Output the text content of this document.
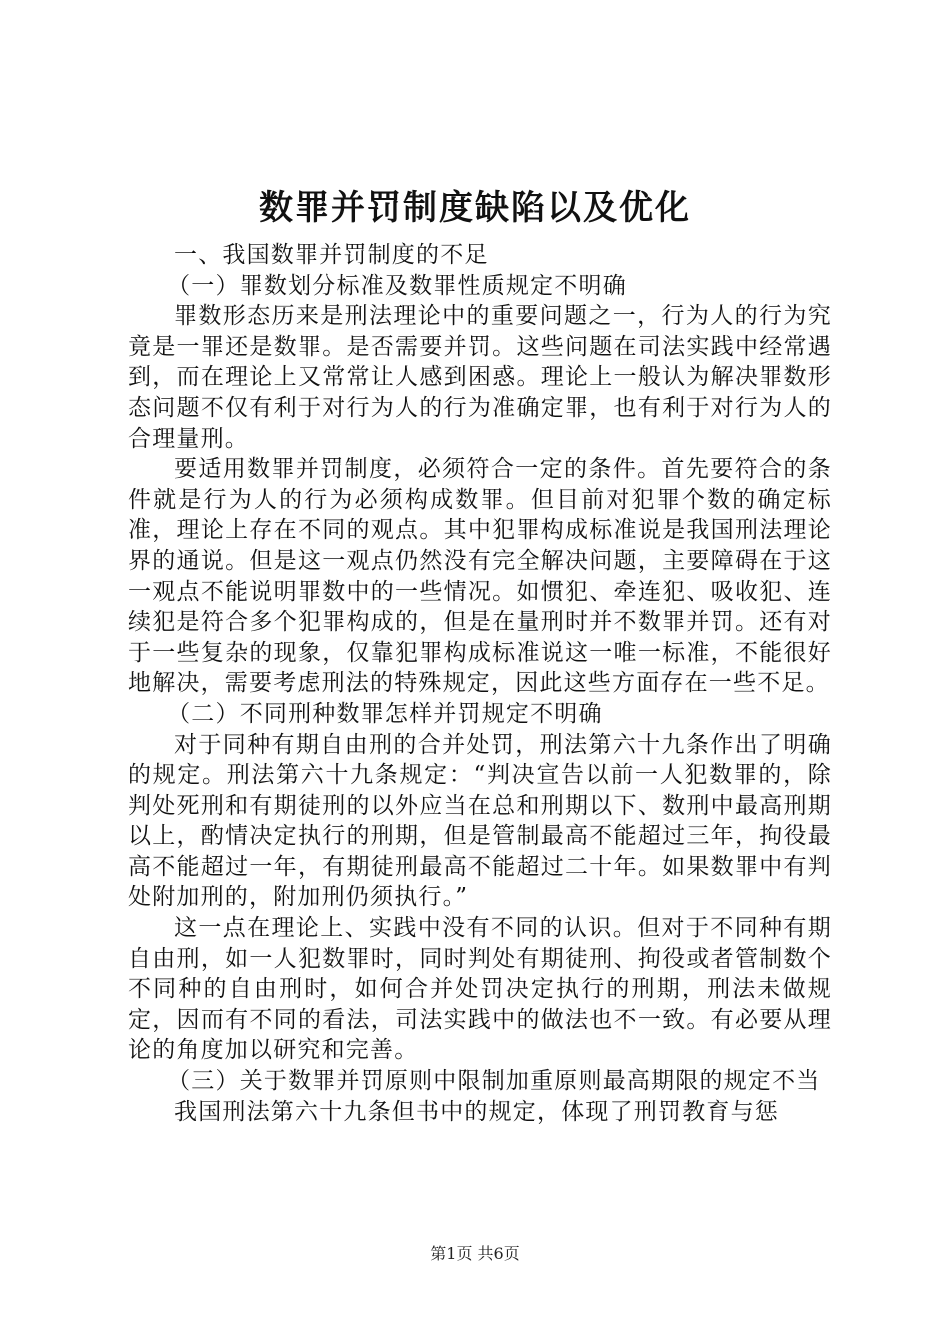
数罪并罚制度缺陷以及优化

一、我国数罪并罚制度的不足

（一）罪数划分标准及数罪性质规定不明确

罪数形态历来是刑法理论中的重要问题之一，行为人的行为究竟是一罪还是数罪。是否需要并罚。这些问题在司法实践中经常遇到，而在理论上又常常让人感到困惑。理论上一般认为解决罪数形态问题不仅有利于对行为人的行为准确定罪，也有利于对行为人的合理量刑。

要适用数罪并罚制度，必须符合一定的条件。首先要符合的条件就是行为人的行为必须构成数罪。但目前对犯罪个数的确定标准，理论上存在不同的观点。其中犯罪构成标准说是我国刑法理论界的通说。但是这一观点仍然没有完全解决问题，主要障碍在于这一观点不能说明罪数中的一些情况。如惯犯、牵连犯、吸收犯、连续犯是符合多个犯罪构成的，但是在量刑时并不数罪并罚。还有对于一些复杂的现象，仅靠犯罪构成标准说这一唯一标准，不能很好地解决，需要考虑刑法的特殊规定，因此这些方面存在一些不足。

（二）不同刑种数罪怎样并罚规定不明确

对于同种有期自由刑的合并处罚，刑法第六十九条作出了明确的规定。刑法第六十九条规定：“判决宣告以前一人犯数罪的，除判处死刑和有期徒刑的以外应当在总和刑期以下、数刑中最高刑期以上，酌情决定执行的刑期，但是管制最高不能超过三年，拘役最高不能超过一年，有期徒刑最高不能超过二十年。如果数罪中有判处附加刑的，附加刑仍须执行。”

这一点在理论上、实践中没有不同的认识。但对于不同种有期自由刑，如一人犯数罪时，同时判处有期徒刑、拘役或者管制数个不同种的自由刑时，如何合并处罚决定执行的刑期，刑法未做规定，因而有不同的看法，司法实践中的做法也不一致。有必要从理论的角度加以研究和完善。

（三）关于数罪并罚原则中限制加重原则最高期限的规定不当

我国刑法第六十九条但书中的规定，体现了刑罚教育与惩

第1页 共6页
